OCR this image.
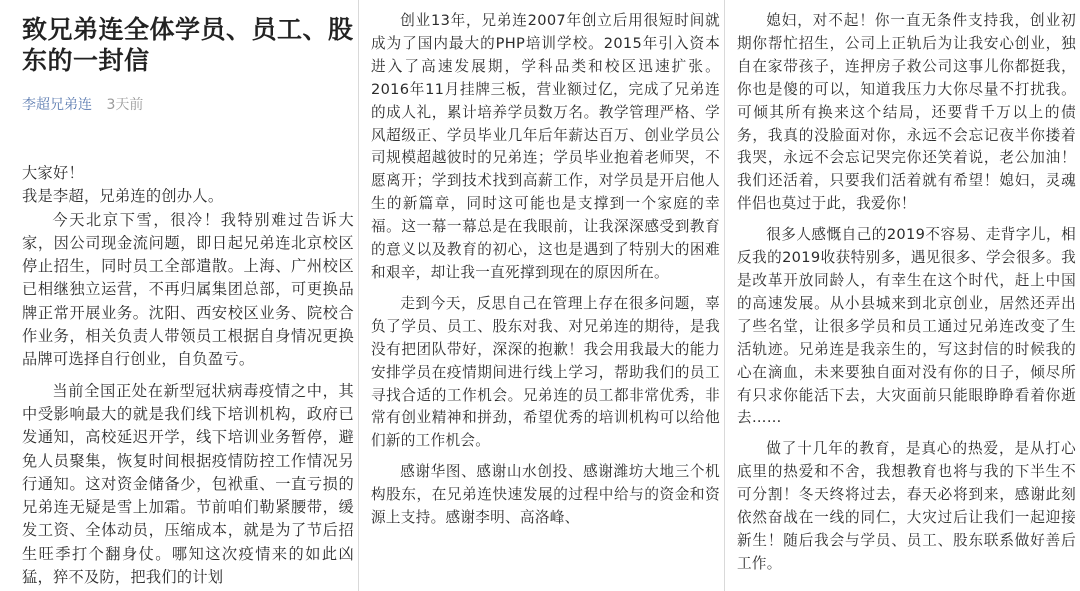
致兄弟连全体学员、员工、股东的一封信
李超兄弟连 3天前

大家好！

我是李超，兄弟连的创办人。

今天北京下雪，很冷！我特别难过告诉大家，因公司现金流问题，即日起兄弟连北京校区停止招生，同时员工全部遣散。上海、广州校区已相继独立运营，不再归属集团总部，可更换品牌正常开展业务。沈阳、西安校区业务、院校合作业务，相关负责人带领员工根据自身情况更换品牌可选择自行创业，自负盈亏。

当前全国正处在新型冠状病毒疫情之中，其中受影响最大的就是我们线下培训机构，政府已发通知，高校延迟开学，线下培训业务暂停，避免人员聚集，恢复时间根据疫情防控工作情况另行通知。这对资金储备少，包袱重、一直亏损的兄弟连无疑是雪上加霜。节前咱们勒紧腰带，缓发工资、全体动员，压缩成本，就是为了节后招生旺季打个翻身仗。哪知这次疫情来的如此凶猛，猝不及防，把我们的计划

创业13年，兄弟连2007年创立后用很短时间就成为了国内最大的PHP培训学校。2015年引入资本进入了高速发展期，学科品类和校区迅速扩张。2016年11月挂牌三板，营业额过亿，完成了兄弟连的成人礼，累计培养学员数万名。教学管理严格、学风超级正、学员毕业几年后年薪达百万、创业学员公司规模超越彼时的兄弟连；学员毕业抱着老师哭，不愿离开；学到技术找到高薪工作，对学员是开启他人生的新篇章，同时这可能也是支撑到一个家庭的幸福。这一幕一幕总是在我眼前，让我深深感受到教育的意义以及教育的初心，这也是遇到了特别大的困难和艰辛，却让我一直死撑到现在的原因所在。

走到今天，反思自己在管理上存在很多问题，辜负了学员、员工、股东对我、对兄弟连的期待，是我没有把团队带好，深深的抱歉！我会用我最大的能力安排学员在疫情期间进行线上学习，帮助我们的员工寻找合适的工作机会。兄弟连的员工都非常优秀，非常有创业精神和拼劲，希望优秀的培训机构可以给他们新的工作机会。

感谢华图、感谢山水创投、感谢潍坊大地三个机构股东，在兄弟连快速发展的过程中给与的资金和资源上支持。感谢李明、高洛峰、

媳妇，对不起！你一直无条件支持我，创业初期你帮忙招生，公司上正轨后为让我安心创业，独自在家带孩子，连押房子救公司这事儿你都挺我，你也是傻的可以，知道我压力大你尽量不打扰我。可倾其所有换来这个结局，还要背千万以上的债务，我真的没脸面对你，永远不会忘记夜半你搂着我哭，永远不会忘记哭完你还笑着说，老公加油！我们还活着，只要我们活着就有希望！媳妇，灵魂伴侣也莫过于此，我爱你！

很多人感慨自己的2019不容易、走背字儿，相反我的2019收获特别多，遇见很多、学会很多。我是改革开放同龄人，有幸生在这个时代，赶上中国的高速发展。从小县城来到北京创业，居然还弄出了些名堂，让很多学员和员工通过兄弟连改变了生活轨迹。兄弟连是我亲生的，写这封信的时候我的心在滴血，未来要独自面对没有你的日子，倾尽所有只求你能活下去，大灾面前只能眼睁睁看着你逝去……

做了十几年的教育，是真心的热爱，是从打心底里的热爱和不舍，我想教育也将与我的下半生不可分割！冬天终将过去，春天必将到来，感谢此刻依然奋战在一线的同仁，大灾过后让我们一起迎接新生！随后我会与学员、员工、股东联系做好善后工作。
